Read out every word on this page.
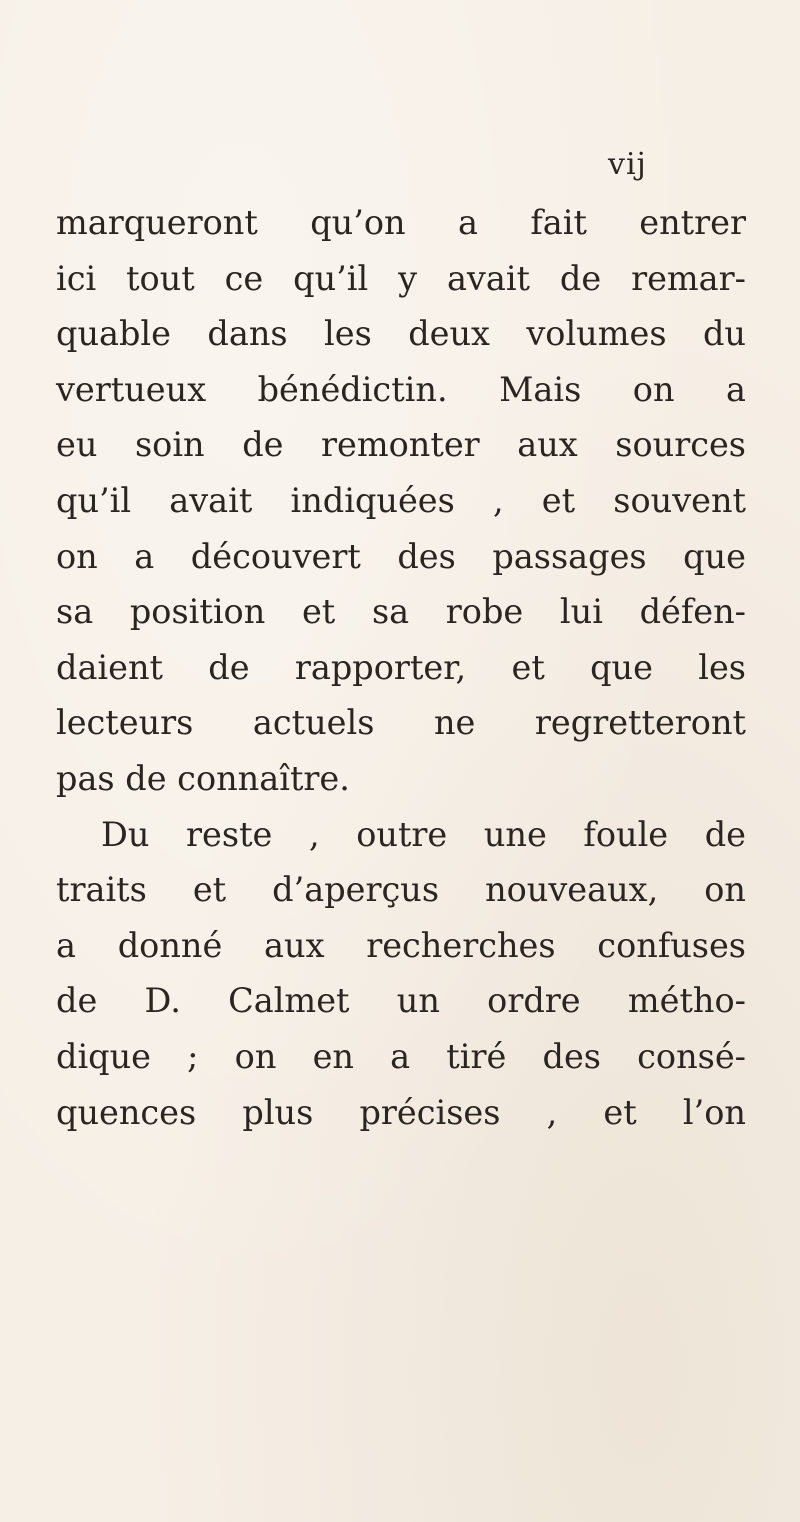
vij
marqueront qu’on a fait entrer
ici tout ce qu’il y avait de remar-
quable dans les deux volumes du
vertueux bénédictin. Mais on a
eu soin de remonter aux sources
qu’il avait indiquées , et souvent
on a découvert des passages que
sa position et sa robe lui défen-
daient de rapporter, et que les
lecteurs actuels ne regretteront
pas de connaître.
Du reste , outre une foule de
traits et d’aperçus nouveaux, on
a donné aux recherches confuses
de D. Calmet un ordre métho-
dique ; on en a tiré des consé-
quences plus précises , et l’on
